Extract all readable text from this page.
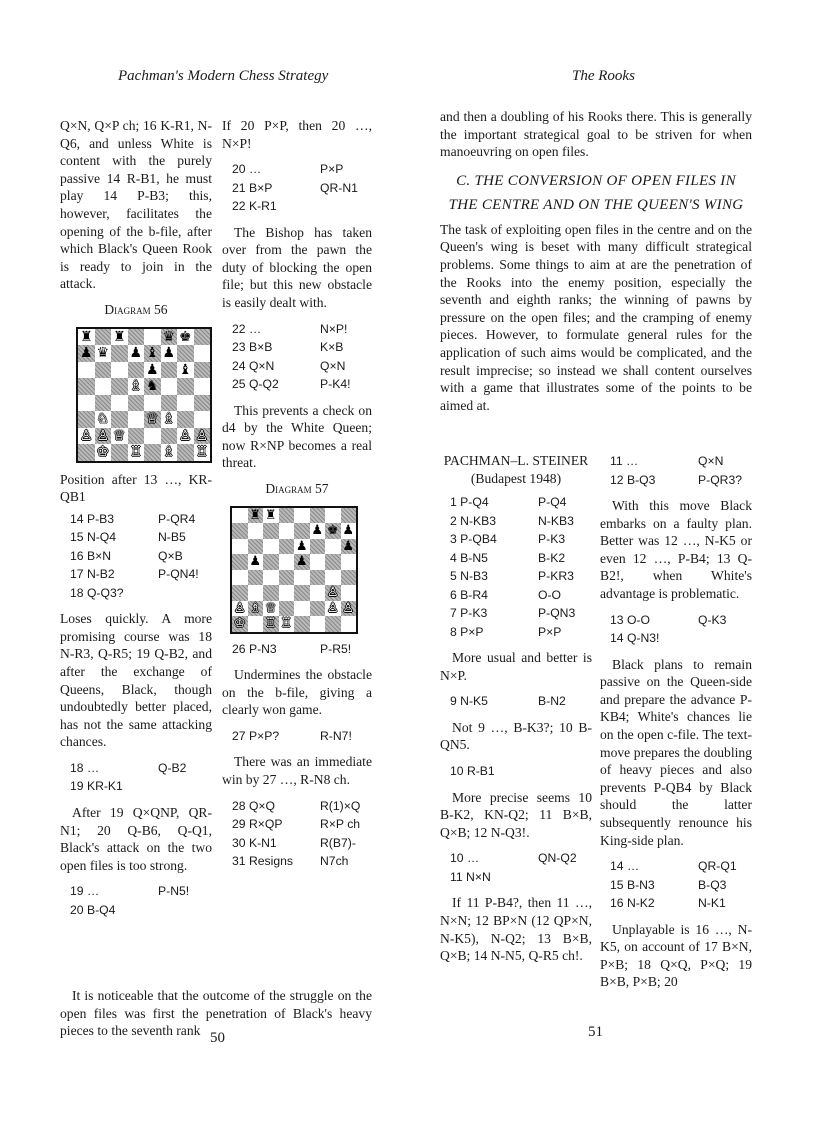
Pachman's Modern Chess Strategy

Q×N, Q×P ch; 16 K-R1, N-Q6, and unless White is content with the purely passive 14 R-B1, he must play 14 P-B3; this, however, facilitates the opening of the b-file, after which Black's Queen Rook is ready to join in the attack.

Diagram 56

♜ ♜	♛ ♚
♟ ♛ ♟ ♝ ♟
♟ ♝
♗ ♞
♘	♕ ♗
♙ ♙ ♕	♙ ♙
♔ ♖ ♗ ♖

Position after 13 …, KR-QB1

14 P-B3	P-QR4
15 N-Q4	N-B5
16 B×N	Q×B
17 N-B2	P-QN4!
18 Q-Q3?

Loses quickly. A more promising course was 18 N-R3, Q-R5; 19 Q-B2, and after the exchange of Queens, Black, though undoubtedly better placed, has not the same attacking chances.

18 …	Q-B2
19 KR-K1

After 19 Q×QNP, QR-N1; 20 Q-B6, Q-Q1, Black's attack on the two open files is too strong.

19 …	P-N5!
20 B-Q4

If 20 P×P, then 20 …, N×P!

20 …	P×P
21 B×P	QR-N1
22 K-R1

The Bishop has taken over from the pawn the duty of blocking the open file; but this new obstacle is easily dealt with.

22 …	N×P!
23 B×B	K×B
24 Q×N	Q×N
25 Q-Q2	P-K4!

This prevents a check on d4 by the White Queen; now R×NP becomes a real threat.

Diagram 57

♜ ♜
♟ ♚ ♟
♟	♟
♟	♟
♙
♙ ♗ ♕	♙ ♙
♔ ♖ ♖
26 P-N3	P-R5!

Undermines the obstacle on the b-file, giving a clearly won game.

27 P×P?	R-N7!

There was an immediate win by 27 …, R-N8 ch.

28 Q×Q	R(1)×Q
29 R×QP	R×P ch
30 K-N1	R(B7)-N7ch
31 Resigns

It is noticeable that the outcome of the struggle on the open files was first the penetration of Black's heavy pieces to the seventh rank 50
The Rooks

and then a doubling of his Rooks there. This is generally the important strategical goal to be striven for when manoeuvring on open files.

C. THE CONVERSION OF OPEN FILES IN
THE CENTRE AND ON THE QUEEN'S WING

The task of exploiting open files in the centre and on the Queen's wing is beset with many difficult strategical problems. Some things to aim at are the penetration of the Rooks into the enemy position, especially the seventh and eighth ranks; the winning of pawns by pressure on the open files; and the cramping of enemy pieces. However, to formulate general rules for the application of such aims would be complicated, and the result imprecise; so instead we shall content ourselves with a game that illustrates some of the points to be aimed at.

PACHMAN–L. STEINER
(Budapest 1948)
1 P-Q4	P-Q4
2 N-KB3	N-KB3
3 P-QB4	P-K3
4 B-N5	B-K2
5 N-B3	P-KR3
6 B-R4	O-O
7 P-K3	P-QN3
8 P×P	P×P

More usual and better is N×P.

9 N-K5	B-N2

Not 9 …, B-K3?; 10 B-QN5.

10 R-B1

More precise seems 10 B-K2, KN-Q2; 11 B×B, Q×B; 12 N-Q3!.

10 …	QN-Q2
11 N×N

If 11 P-B4?, then 11 …, N×N; 12 BP×N (12 QP×N, N-K5), N-Q2; 13 B×B, Q×B; 14 N-N5, Q-R5 ch!.

11 …	Q×N
12 B-Q3	P-QR3?

With this move Black embarks on a faulty plan. Better was 12 …, N-K5 or even 12 …, P-B4; 13 Q-B2!, when White's advantage is problematic.

13 O-O	Q-K3
14 Q-N3!

Black plans to remain passive on the Queen-side and prepare the advance P-KB4; White's chances lie on the open c-file. The text-move prepares the doubling of heavy pieces and also prevents P-QB4 by Black should the latter subsequently renounce his King-side plan.

14 …	QR-Q1
15 B-N3	B-Q3
16 N-K2	N-K1

Unplayable is 16 …, N-K5, on account of 17 B×N, P×B; 18 Q×Q, P×Q; 19 B×B, P×B; 20

51
